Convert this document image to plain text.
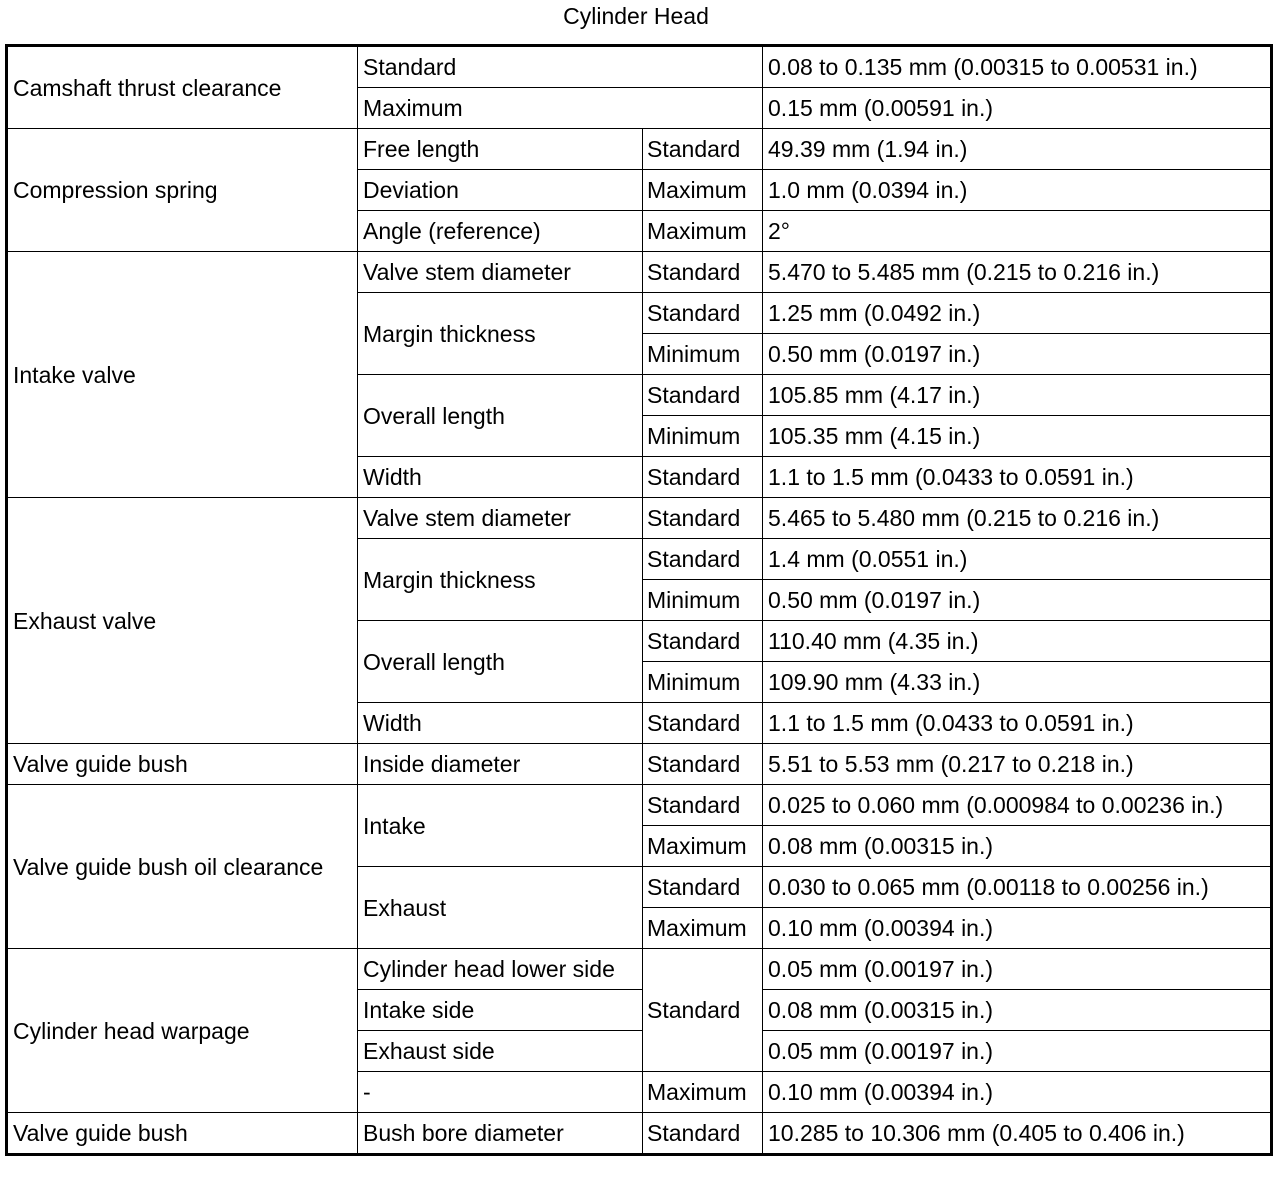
Cylinder Head
Camshaft thrust clearance	Standard		0.08 to 0.135 mm (0.00315 to 0.00531 in.)
	Maximum		0.15 mm (0.00591 in.)
Compression spring	Free length	Standard	49.39 mm (1.94 in.)
	Deviation	Maximum	1.0 mm (0.0394 in.)
	Angle (reference)	Maximum	2°
Intake valve	Valve stem diameter	Standard	5.470 to 5.485 mm (0.215 to 0.216 in.)
	Margin thickness	Standard	1.25 mm (0.0492 in.)
		Minimum	0.50 mm (0.0197 in.)
	Overall length	Standard	105.85 mm (4.17 in.)
		Minimum	105.35 mm (4.15 in.)
	Width	Standard	1.1 to 1.5 mm (0.0433 to 0.0591 in.)
Exhaust valve	Valve stem diameter	Standard	5.465 to 5.480 mm (0.215 to 0.216 in.)
	Margin thickness	Standard	1.4 mm (0.0551 in.)
		Minimum	0.50 mm (0.0197 in.)
	Overall length	Standard	110.40 mm (4.35 in.)
		Minimum	109.90 mm (4.33 in.)
	Width	Standard	1.1 to 1.5 mm (0.0433 to 0.0591 in.)
Valve guide bush	Inside diameter	Standard	5.51 to 5.53 mm (0.217 to 0.218 in.)
Valve guide bush oil clearance	Intake	Standard	0.025 to 0.060 mm (0.000984 to 0.00236 in.)
		Maximum	0.08 mm (0.00315 in.)
	Exhaust	Standard	0.030 to 0.065 mm (0.00118 to 0.00256 in.)
		Maximum	0.10 mm (0.00394 in.)
Cylinder head warpage	Cylinder head lower side	Standard	0.05 mm (0.00197 in.)
	Intake side		0.08 mm (0.00315 in.)
	Exhaust side		0.05 mm (0.00197 in.)
	-	Maximum	0.10 mm (0.00394 in.)
Valve guide bush	Bush bore diameter	Standard	10.285 to 10.306 mm (0.405 to 0.406 in.)
